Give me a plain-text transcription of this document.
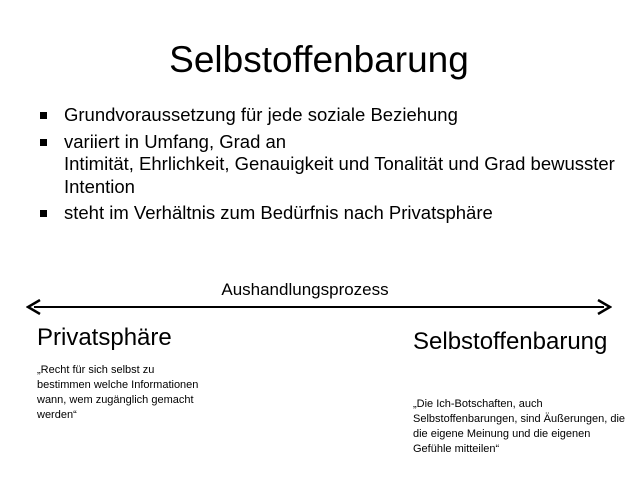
Selbstoffenbarung
Grundvoraussetzung für jede soziale Beziehung
variiert in Umfang, Grad an
Intimität, Ehrlichkeit, Genauigkeit und Tonalität und Grad bewusster Intention
steht im Verhältnis zum Bedürfnis nach Privatsphäre
Aushandlungsprozess
Privatsphäre
„Recht für sich selbst zu bestimmen welche Informationen wann, wem zugänglich gemacht werden“
Selbstoffenbarung
„Die Ich-Botschaften, auch Selbstoffenbarungen, sind Äußerungen, die die eigene Meinung und die eigenen Gefühle mitteilen“
